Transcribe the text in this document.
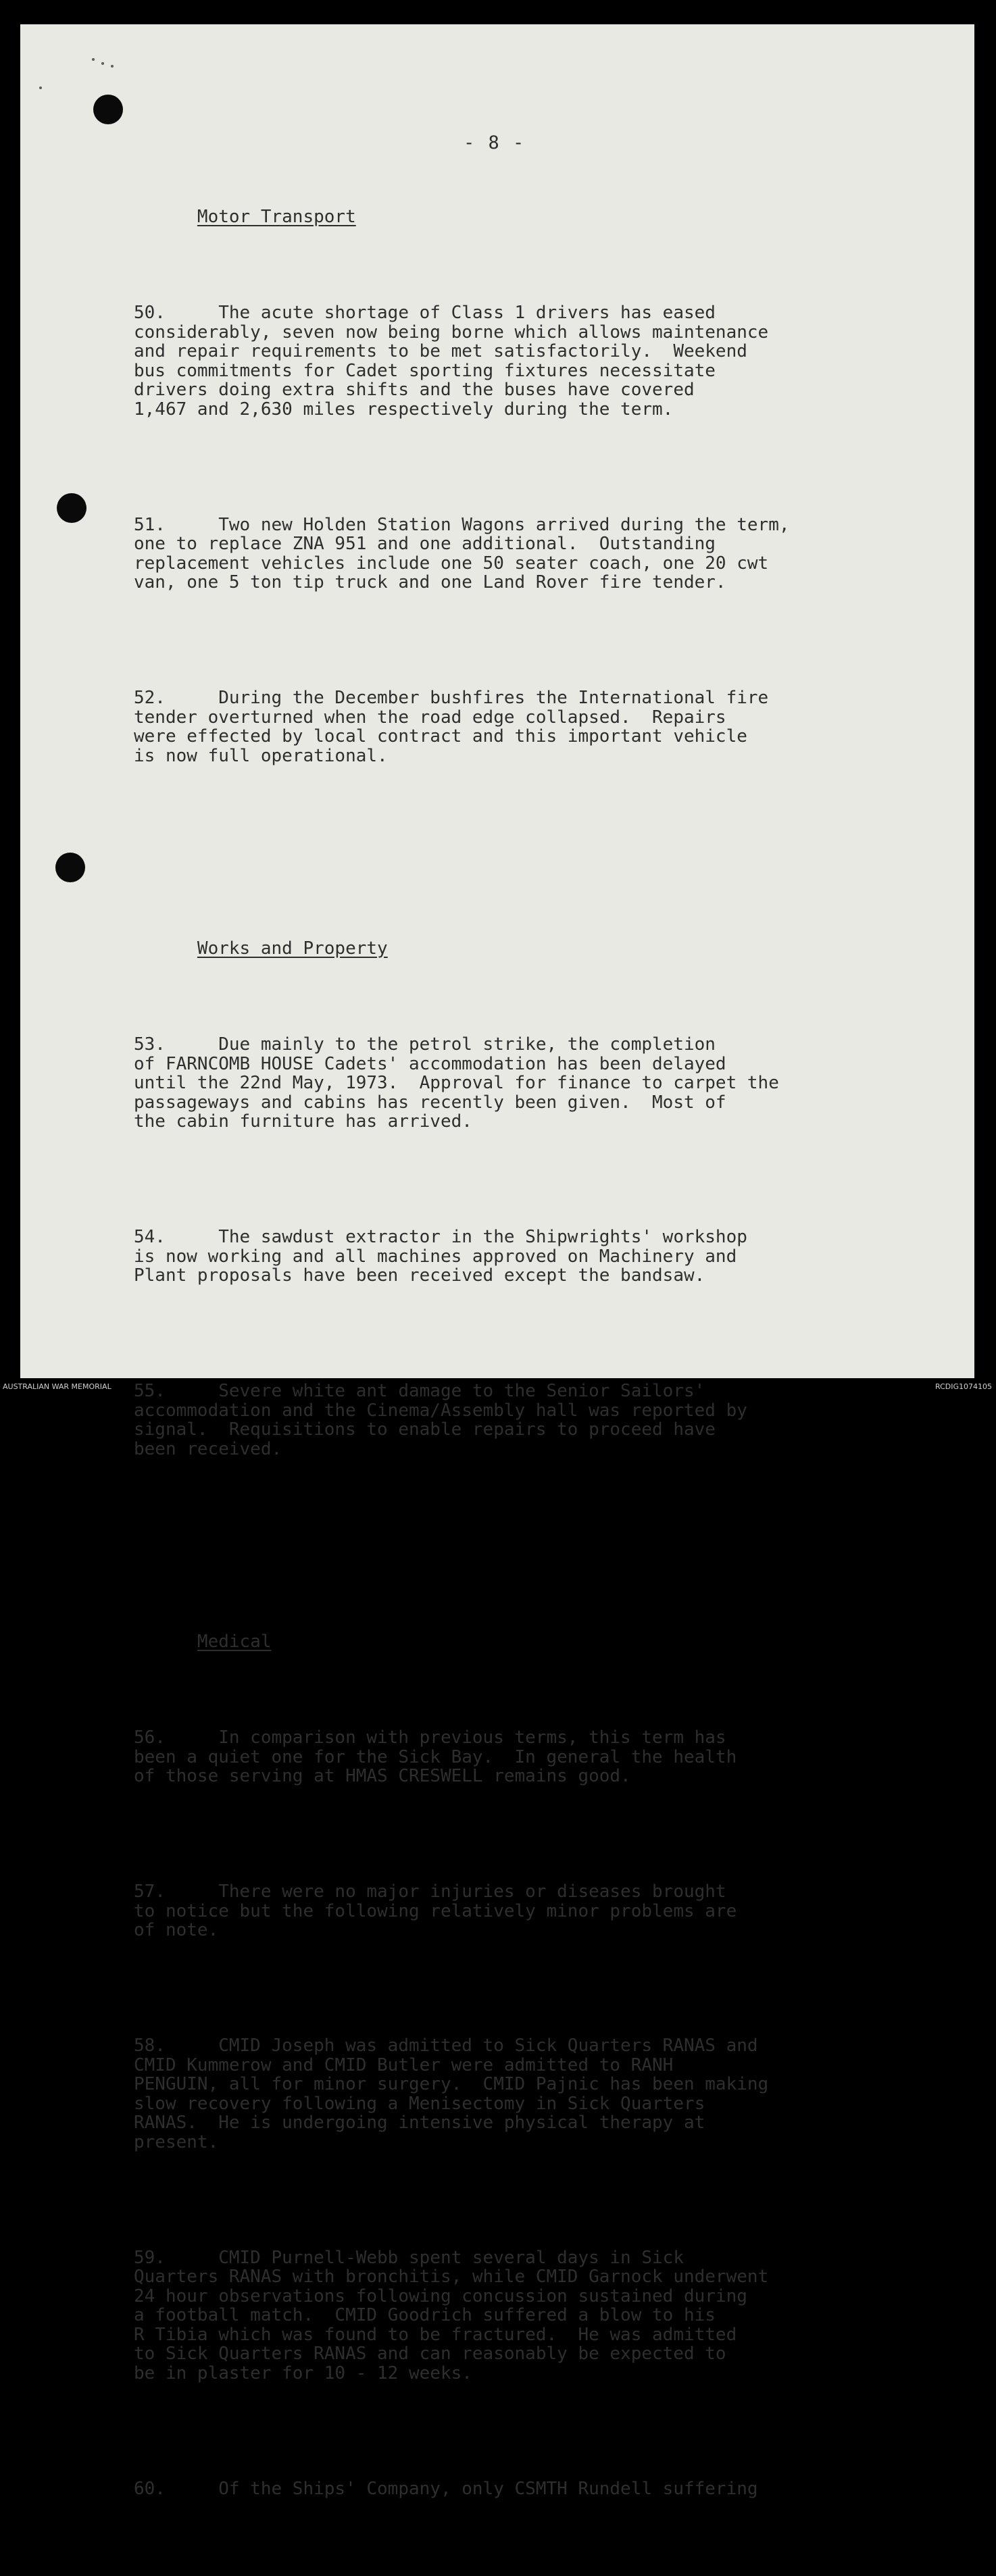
- 8 -

Motor Transport

50.     The acute shortage of Class 1 drivers has eased
considerably, seven now being borne which allows maintenance
and repair requirements to be met satisfactorily.  Weekend
bus commitments for Cadet sporting fixtures necessitate
drivers doing extra shifts and the buses have covered
1,467 and 2,630 miles respectively during the term.

51.     Two new Holden Station Wagons arrived during the term,
one to replace ZNA 951 and one additional.  Outstanding
replacement vehicles include one 50 seater coach, one 20 cwt
van, one 5 ton tip truck and one Land Rover fire tender.

52.     During the December bushfires the International fire
tender overturned when the road edge collapsed.  Repairs
were effected by local contract and this important vehicle
is now full operational.

Works and Property

53.     Due mainly to the petrol strike, the completion
of FARNCOMB HOUSE Cadets' accommodation has been delayed
until the 22nd May, 1973.  Approval for finance to carpet the
passageways and cabins has recently been given.  Most of
the cabin furniture has arrived.

54.     The sawdust extractor in the Shipwrights' workshop
is now working and all machines approved on Machinery and
Plant proposals have been received except the bandsaw.

55.     Severe white ant damage to the Senior Sailors'
accommodation and the Cinema/Assembly hall was reported by
signal.  Requisitions to enable repairs to proceed have
been received.

Medical

56.     In comparison with previous terms, this term has
been a quiet one for the Sick Bay.  In general the health
of those serving at HMAS CRESWELL remains good.

57.     There were no major injuries or diseases brought
to notice but the following relatively minor problems are
of note.

58.     CMID Joseph was admitted to Sick Quarters RANAS and
CMID Kummerow and CMID Butler were admitted to RANH
PENGUIN, all for minor surgery.  CMID Pajnic has been making
slow recovery following a Menisectomy in Sick Quarters
RANAS.  He is undergoing intensive physical therapy at
present.

59.     CMID Purnell-Webb spent several days in Sick
Quarters RANAS with bronchitis, while CMID Garnock underwent
24 hour observations following concussion sustained during
a football match.  CMID Goodrich suffered a blow to his
R Tibia which was found to be fractured.  He was admitted
to Sick Quarters RANAS and can reasonably be expected to
be in plaster for 10 - 12 weeks.

60.     Of the Ships' Company, only CSMTH Rundell suffering

AUSTRALIAN WAR MEMORIAL	RCDIG1074105
